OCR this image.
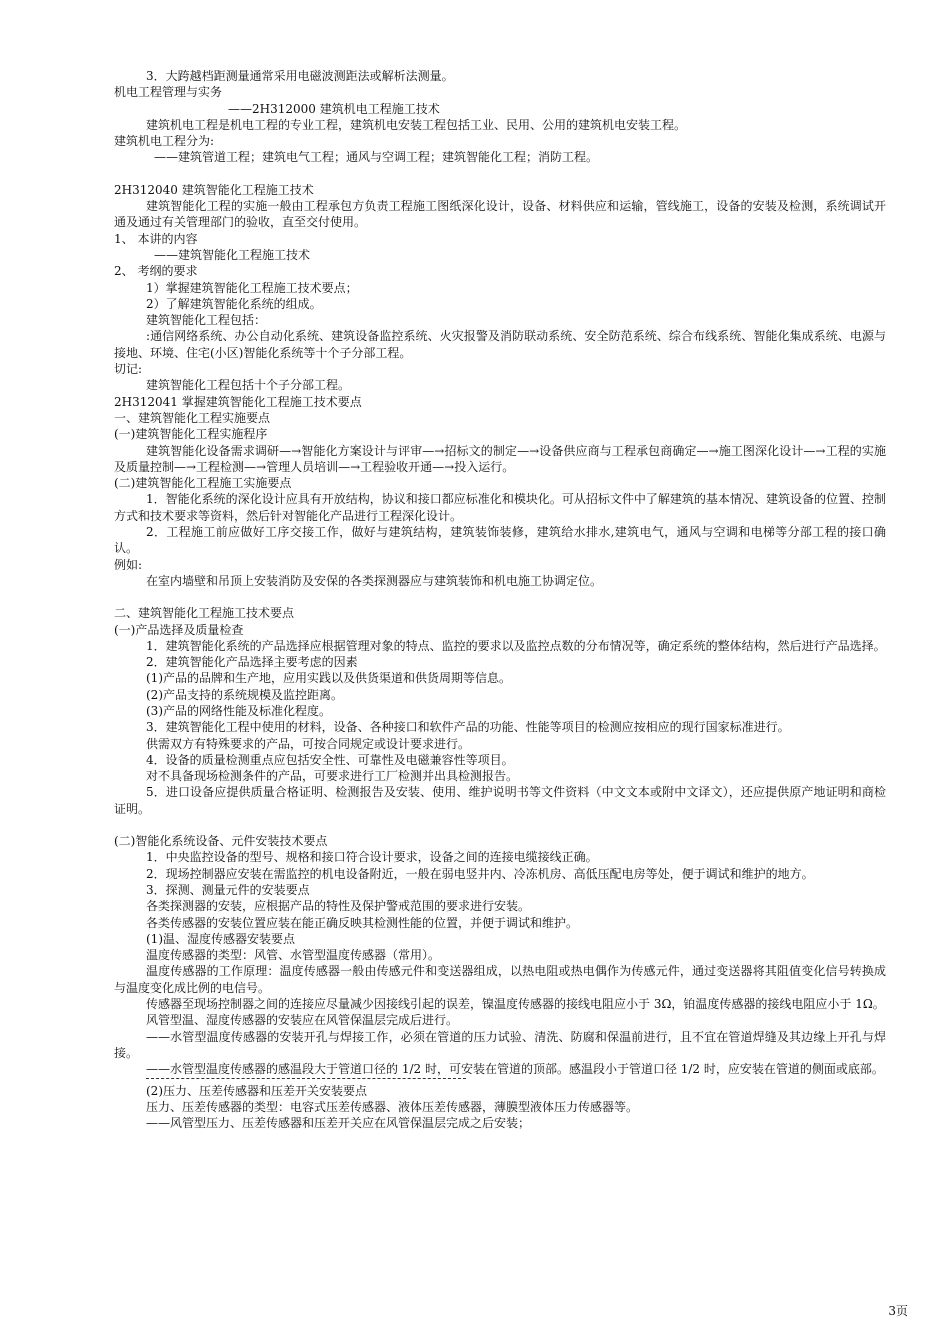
3．大跨越档距测量通常采用电磁波测距法或解析法测量。

机电工程管理与实务

——2H312000 建筑机电工程施工技术

建筑机电工程是机电工程的专业工程，建筑机电安装工程包括工业、民用、公用的建筑机电安装工程。

建筑机电工程分为:

——建筑管道工程；建筑电气工程；通风与空调工程；建筑智能化工程；消防工程。

2H312040 建筑智能化工程施工技术

建筑智能化工程的实施一般由工程承包方负责工程施工图纸深化设计，设备、材料供应和运输，管线施工，设备的安装及检测，系统调试开通及通过有关管理部门的验收，直至交付使用。

1、 本讲的内容

——建筑智能化工程施工技术

2、 考纲的要求

1）掌握建筑智能化工程施工技术要点；

2）了解建筑智能化系统的组成。

建筑智能化工程包括：

:通信网络系统、办公自动化系统、建筑设备监控系统、火灾报警及消防联动系统、安全防范系统、综合布线系统、智能化集成系统、电源与接地、环境、住宅(小区)智能化系统等十个子分部工程。

切记:

建筑智能化工程包括十个子分部工程。

2H312041 掌握建筑智能化工程施工技术要点

一、建筑智能化工程实施要点

(一)建筑智能化工程实施程序

建筑智能化设备需求调研—→智能化方案设计与评审—→招标文的制定—→设备供应商与工程承包商确定—→施工图深化设计—→工程的实施及质量控制—→工程检测—→管理人员培训—→工程验收开通—→投入运行。

(二)建筑智能化工程施工实施要点

1．智能化系统的深化设计应具有开放结构，协议和接口都应标准化和模块化。可从招标文件中了解建筑的基本情况、建筑设备的位置、控制方式和技术要求等资料，然后针对智能化产品进行工程深化设计。

2．工程施工前应做好工序交接工作，做好与建筑结构，建筑装饰装修，建筑给水排水,建筑电气，通风与空调和电梯等分部工程的接口确认。

例如:

在室内墙壁和吊顶上安装消防及安保的各类探测器应与建筑装饰和机电施工协调定位。

二、建筑智能化工程施工技术要点

(一)产品选择及质量检查

1．建筑智能化系统的产品选择应根据管理对象的特点、监控的要求以及监控点数的分布情况等，确定系统的整体结构，然后进行产品选择。

2．建筑智能化产品选择主要考虑的因素

(1)产品的品牌和生产地，应用实践以及供货渠道和供货周期等信息。

(2)产品支持的系统规模及监控距离。

(3)产品的网络性能及标准化程度。

3．建筑智能化工程中使用的材料，设备、各种接口和软件产品的功能、性能等项目的检测应按相应的现行国家标准进行。

供需双方有特殊要求的产品，可按合同规定或设计要求进行。

4．设备的质量检测重点应包括安全性、可靠性及电磁兼容性等项目。

对不具备现场检测条件的产品，可要求进行工厂检测并出具检测报告。

5．进口设备应提供质量合格证明、检测报告及安装、使用、维护说明书等文件资料（中文文本或附中文译文），还应提供原产地证明和商检证明。

(二)智能化系统设备、元件安装技术要点

1．中央监控设备的型号、规格和接口符合设计要求，设备之间的连接电缆接线正确。

2．现场控制器应安装在需监控的机电设备附近，一般在弱电竖井内、冷冻机房、高低压配电房等处，便于调试和维护的地方。

3．探测、测量元件的安装要点

各类探测器的安装，应根据产品的特性及保护警戒范围的要求进行安装。

各类传感器的安装位置应装在能正确反映其检测性能的位置，并便于调试和维护。

(1)温、湿度传感器安装要点

温度传感器的类型：风管、水管型温度传感器（常用）。

温度传感器的工作原理：温度传感器一般由传感元件和变送器组成，以热电阻或热电偶作为传感元件，通过变送器将其阻值变化信号转换成与温度变化成比例的电信号。

传感器至现场控制器之间的连接应尽量减少因接线引起的误差，镍温度传感器的接线电阻应小于 3Ω，铂温度传感器的接线电阻应小于 1Ω。

风管型温、湿度传感器的安装应在风管保温层完成后进行。

——水管型温度传感器的安装开孔与焊接工作，必须在管道的压力试验、清洗、防腐和保温前进行，且不宜在管道焊缝及其边缘上开孔与焊接。

——水管型温度传感器的感温段大于管道口径的 1/2 时，可安装在管道的顶部。感温段小于管道口径 1/2 时，应安装在管道的侧面或底部。

(2)压力、压差传感器和压差开关安装要点

压力、压差传感器的类型：电容式压差传感器、液体压差传感器，薄膜型液体压力传感器等。

——风管型压力、压差传感器和压差开关应在风管保温层完成之后安装；

3页
